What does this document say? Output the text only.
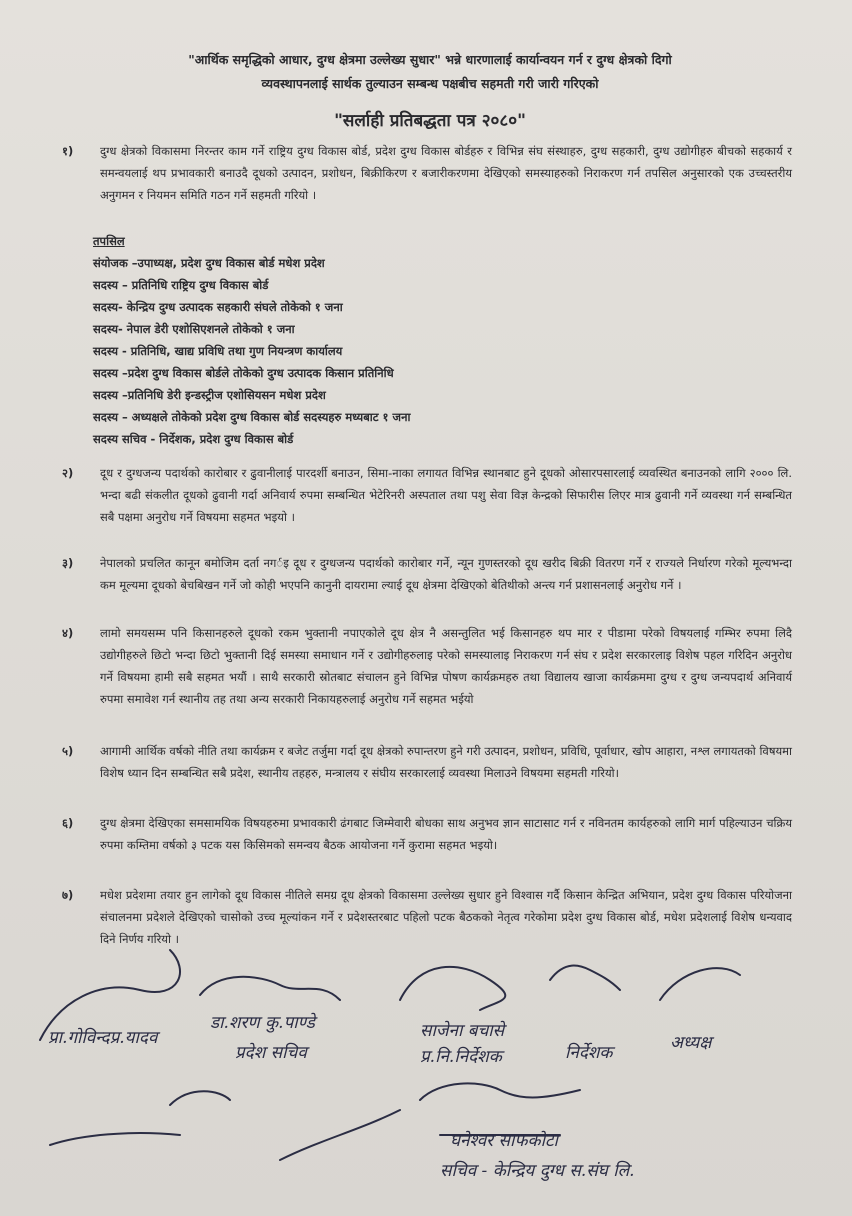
"आर्थिक समृद्धिको आधार, दुग्ध क्षेत्रमा उल्लेख्य सुधार" भन्ने धारणालाई कार्यान्वयन गर्न र दुग्ध क्षेत्रको दिगो
व्यवस्थापनलाई सार्थक तुल्याउन सम्बन्ध पक्षबीच सहमती गरी जारी गरिएको
"सर्लाही प्रतिबद्धता पत्र २०८०"
१) दुग्ध क्षेत्रको विकासमा निरन्तर काम गर्ने राष्ट्रिय दुग्ध विकास बोर्ड, प्रदेश दुग्ध विकास बोर्डहरु र विभिन्न संघ संस्थाहरु, दुग्ध सहकारी, दुग्ध उद्योगीहरु बीचको सहकार्य र समन्वयलाई थप प्रभावकारी बनाउदै दूधको उत्पादन, प्रशोधन, बिक्रीकिरण र बजारीकरणमा देखिएको समस्याहरुको निराकरण गर्न तपसिल अनुसारको एक उच्चस्तरीय अनुगमन र नियमन समिति गठन गर्ने सहमती गरियो ।
तपसिल
संयोजक –उपाध्यक्ष, प्रदेश दुग्ध विकास बोर्ड मधेश प्रदेश
सदस्य – प्रतिनिधि राष्ट्रिय दुग्ध विकास बोर्ड
सदस्य- केन्द्रिय दुग्ध उत्पादक सहकारी संघले तोकेको १ जना
सदस्य- नेपाल डेरी एशोसिएशनले तोकेको १ जना
सदस्य - प्रतिनिधि, खाद्य प्रविधि तथा गुण नियन्त्रण कार्यालय
सदस्य –प्रदेश दुग्ध विकास बोर्डले तोकेको दुग्ध उत्पादक किसान प्रतिनिधि
सदस्य –प्रतिनिधि डेरी इन्डस्ट्रीज एशोसियसन मधेश प्रदेश
सदस्य – अध्यक्षले तोकेको प्रदेश दुग्ध विकास बोर्ड सदस्यहरु मध्यबाट १ जना
सदस्य सचिव - निर्देशक, प्रदेश दुग्ध विकास बोर्ड
२) दूध र दुग्धजन्य पदार्थको कारोबार र ढुवानीलाई पारदर्शी बनाउन, सिमा-नाका लगायत विभिन्न स्थानबाट हुने दूधको ओसारपसारलाई व्यवस्थित बनाउनको लागि २००० लि. भन्दा बढी संकलीत दूधको ढुवानी गर्दा अनिवार्य रुपमा सम्बन्धित भेटेरिनरी अस्पताल तथा पशु सेवा विज्ञ केन्द्रको सिफारीस लिएर मात्र ढुवानी गर्ने व्यवस्था गर्न सम्बन्धित सबै पक्षमा अनुरोध गर्ने विषयमा सहमत भइयो ।
३) नेपालको प्रचलित कानून बमोजिम दर्ता नगर्इ दूध र दुग्धजन्य पदार्थको कारोबार गर्ने, न्यून गुणस्तरको दूध खरीद बिक्री वितरण गर्ने र राज्यले निर्धारण गरेको मूल्यभन्दा कम मूल्यमा दूधको बेचबिखन गर्ने जो कोही भएपनि कानुनी दायरामा ल्याई दूध क्षेत्रमा देखिएको बेतिथीको अन्त्य गर्न प्रशासनलाई अनुरोध गर्ने ।
४) लामो समयसम्म पनि किसानहरुले दूधको रकम भुक्तानी नपाएकोले दूध क्षेत्र नै असन्तुलित भई किसानहरु थप मार र पीडामा परेको विषयलाई गम्भिर रुपमा लिदै उद्योगीहरुले छिटो भन्दा छिटो भुक्तानी दिई समस्या समाधान गर्ने र उद्योगीहरुलाइ परेको समस्यालाइ निराकरण गर्न संघ र प्रदेश सरकारलाइ विशेष पहल गरिदिन अनुरोध गर्ने विषयमा हामी सबै सहमत भयौं । साथै सरकारी स्रोतबाट संचालन हुने विभिन्न पोषण कार्यक्रमहरु तथा विद्यालय खाजा कार्यक्रममा दुग्ध र दुग्ध जन्यपदार्थ अनिवार्य रुपमा समावेश गर्न स्थानीय तह तथा अन्य सरकारी निकायहरुलाई अनुरोध गर्ने सहमत भईयो
५) आगामी आर्थिक वर्षको नीति तथा कार्यक्रम र बजेट तर्जुमा गर्दा दूध क्षेत्रको रुपान्तरण हुने गरी उत्पादन, प्रशोधन, प्रविधि, पूर्वाधार, खोप आहारा, नश्ल लगायतको विषयमा विशेष ध्यान दिन सम्बन्धित सबै प्रदेश, स्थानीय तहहरु, मन्त्रालय र संघीय सरकारलाई व्यवस्था मिलाउने विषयमा सहमती गरियो।
६) दुग्ध क्षेत्रमा देखिएका समसामयिक विषयहरुमा प्रभावकारी ढंगबाट जिम्मेवारी बोधका साथ अनुभव ज्ञान साटासाट गर्न र नविनतम कार्यहरुको लागि मार्ग पहिल्याउन चक्रिय रुपमा कम्तिमा वर्षको ३ पटक यस किसिमको समन्वय बैठक आयोजना गर्ने कुरामा सहमत भइयो।
७) मधेश प्रदेशमा तयार हुन लागेको दूध विकास नीतिले समग्र दूध क्षेत्रको विकासमा उल्लेख्य सुधार हुने विश्वास गर्दै किसान केन्द्रित अभियान, प्रदेश दुग्ध विकास परियोजना संचालनमा प्रदेशले देखिएको चासोको उच्च मूल्यांकन गर्ने र प्रदेशस्तरबाट पहिलो पटक बैठकको नेतृत्व गरेकोमा प्रदेश दुग्ध विकास बोर्ड, मधेश प्रदेशलाई विशेष धन्यवाद दिने निर्णय गरियो ।
प्रा.गोविन्दप्र.यादव
डा.शरण कु.पाण्डे
प्रदेश सचिव
साजेना बचासे
प्र.नि.निर्देशक	निर्देशक	अध्यक्ष
घनेश्वर साफकोटा
सचिव - केन्द्रिय दुग्ध स.संघ लि.
